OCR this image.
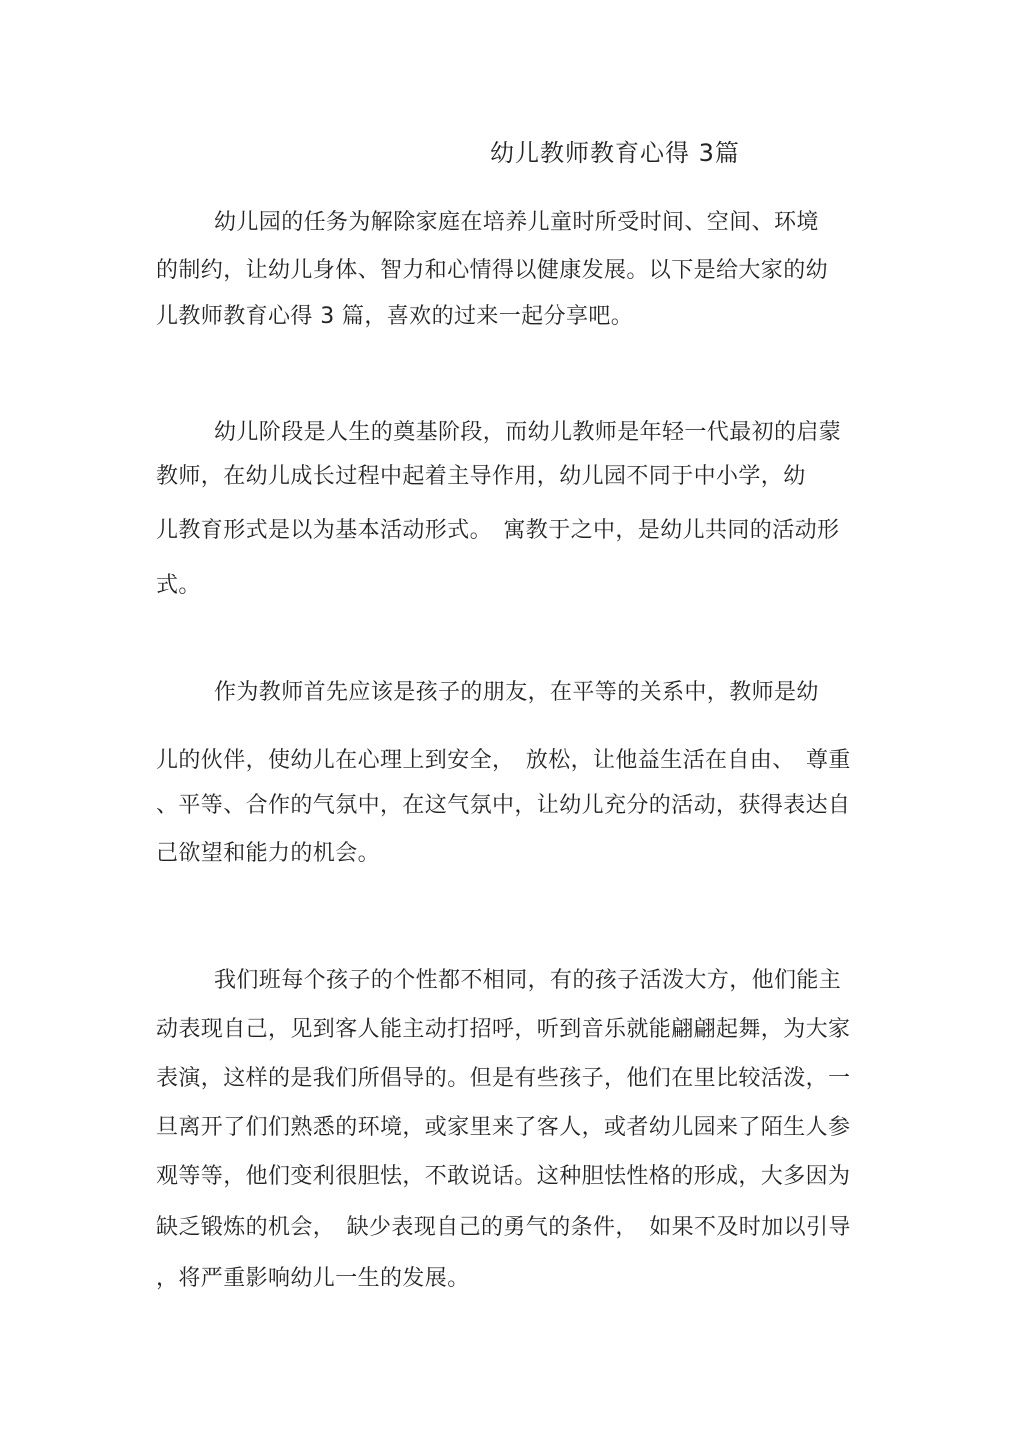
幼儿教师教育心得 3篇
幼儿园的任务为解除家庭在培养儿童时所受时间、空间、环境
的制约，让幼儿身体、智力和心情得以健康发展。以下是给大家的幼
儿教师教育心得 3 篇，喜欢的过来一起分享吧。
幼儿阶段是人生的奠基阶段，而幼儿教师是年轻一代最初的启蒙
教师，在幼儿成长过程中起着主导作用，幼儿园不同于中小学，幼
儿教育形式是以为基本活动形式。　寓教于之中，是幼儿共同的活动形
式。
作为教师首先应该是孩子的朋友，在平等的关系中，教师是幼
儿的伙伴，使幼儿在心理上到安全，　放松，让他益生活在自由、　尊重
、平等、合作的气氛中，在这气氛中，让幼儿充分的活动，获得表达自
己欲望和能力的机会。
我们班每个孩子的个性都不相同，有的孩子活泼大方，他们能主
动表现自己，见到客人能主动打招呼，听到音乐就能翩翩起舞，为大家
表演，这样的是我们所倡导的。但是有些孩子，他们在里比较活泼，一
旦离开了们们熟悉的环境，或家里来了客人，或者幼儿园来了陌生人参
观等等，他们变利很胆怯，不敢说话。这种胆怯性格的形成，大多因为
缺乏锻炼的机会，　缺少表现自己的勇气的条件，　如果不及时加以引导
，将严重影响幼儿一生的发展。
